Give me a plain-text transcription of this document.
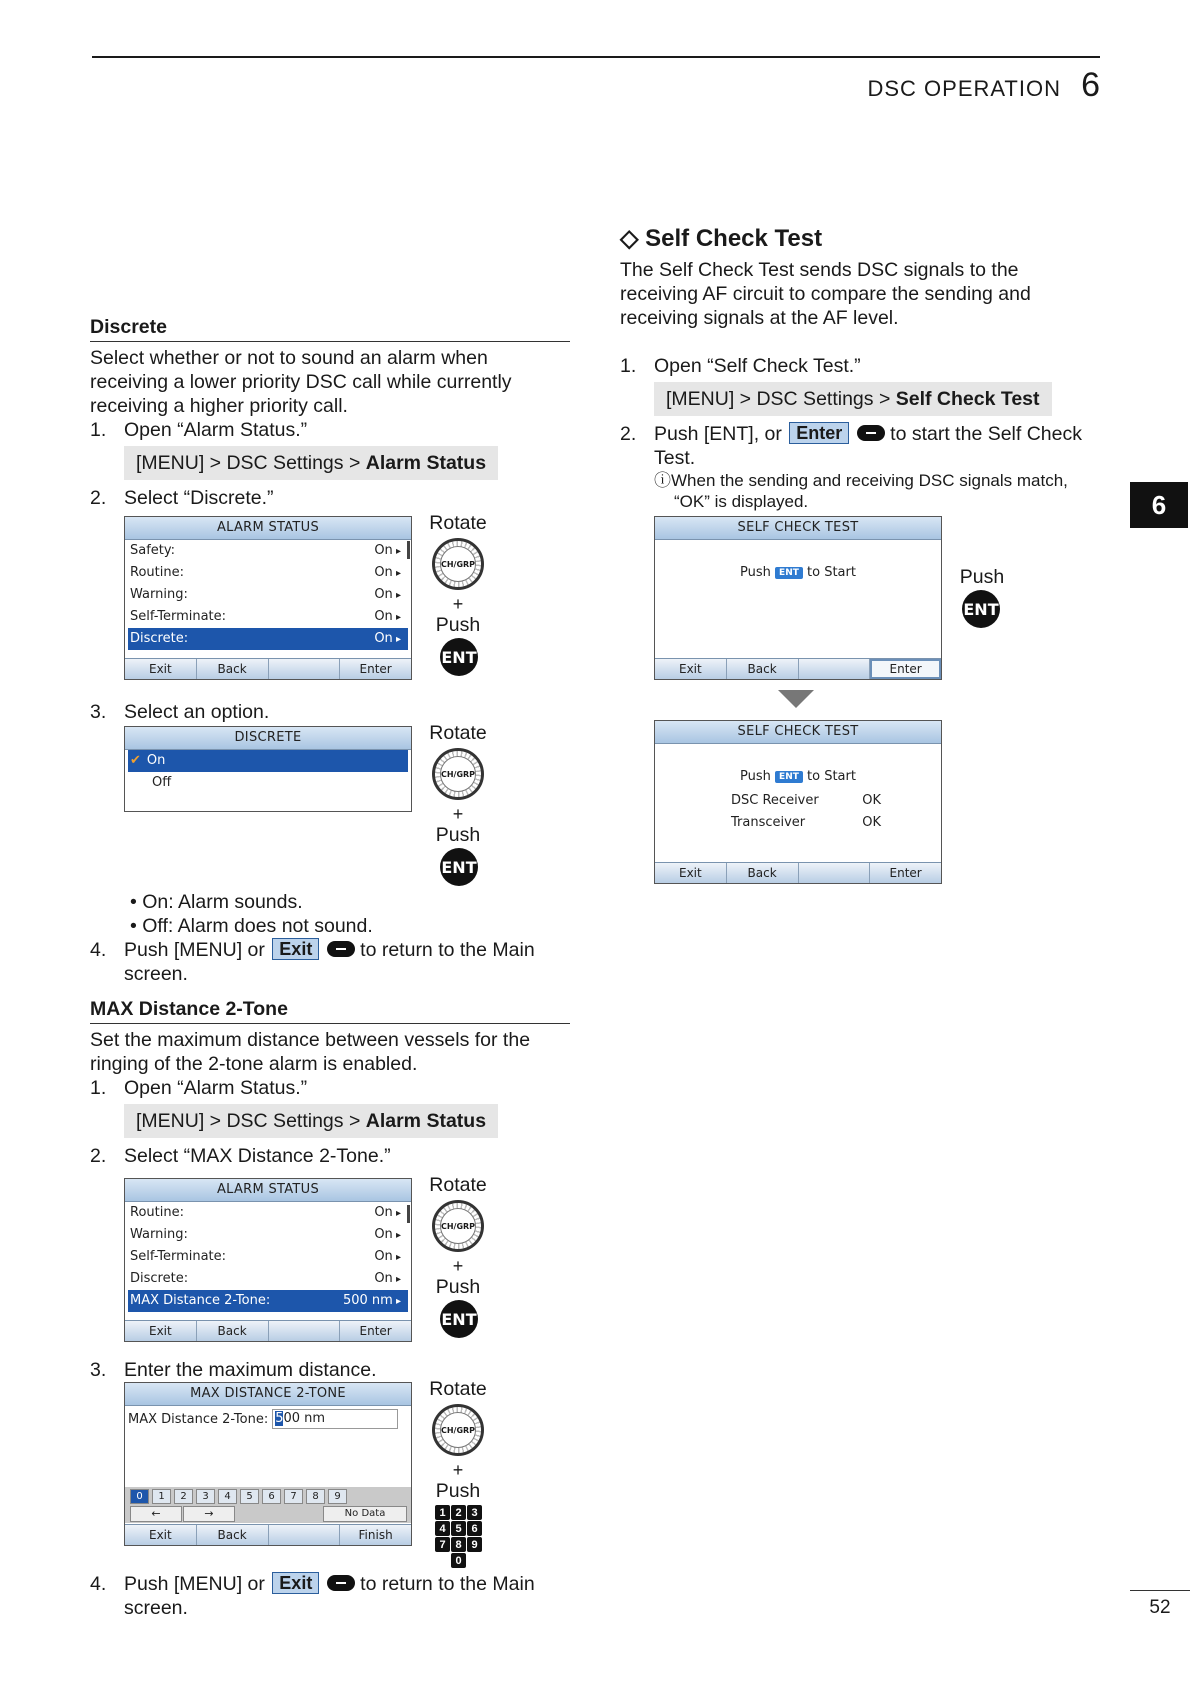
DSC OPERATION 6
6
52
Discrete
Select whether or not to sound an alarm when receiving a lower priority DSC call while currently receiving a higher priority call.
1. Open “Alarm Status.”
[MENU] > DSC Settings > Alarm Status
2. Select “Discrete.”
ALARM STATUS
Safety:	On ▸
Routine:	On ▸
Warning:	On ▸
Self-Terminate:	On ▸
Discrete:	On ▸
Exit	Back	Enter
Rotate
CH/GRP
+
Push
ENT
3. Select an option.
DISCRETE
✔ On
Off
Rotate
CH/GRP
+
Push
ENT
• On: Alarm sounds.
• Off: Alarm does not sound.
4. Push [MENU] or Exit to return to the Main
screen.
MAX Distance 2-Tone
Set the maximum distance between vessels for the ringing of the 2-tone alarm is enabled.
1. Open “Alarm Status.”
[MENU] > DSC Settings > Alarm Status
2. Select “MAX Distance 2-Tone.”
ALARM STATUS
Routine:	On ▸
Warning:	On ▸
Self-Terminate:	On ▸
Discrete:	On ▸
MAX Distance 2-Tone:	500 nm ▸
Exit	Back	Enter
Rotate
CH/GRP
+
Push
ENT
3. Enter the maximum distance.
MAX DISTANCE 2-TONE
MAX Distance 2-Tone: 500 nm
0	1	2	3	4	5	6	7	8	9
←	→	No Data
Exit	Back	Finish
Rotate
CH/GRP
+
Push
1 2 3
4 5 6
7 8 9
0
4. Push [MENU] or Exit to return to the Main
screen.
◇ Self Check Test
The Self Check Test sends DSC signals to the receiving AF circuit to compare the sending and receiving signals at the AF level.
1. Open “Self Check Test.”
[MENU] > DSC Settings > Self Check Test
2. Push [ENT], or Enter to start the Self Check
Test.
ⓘWhen the sending and receiving DSC signals match,
“OK” is displayed.
SELF CHECK TEST
Push ENT to Start
Exit	Back	Enter
Push
ENT
SELF CHECK TEST
Push ENT to Start
DSC Receiver	OK
Transceiver	OK
Exit	Back	Enter
